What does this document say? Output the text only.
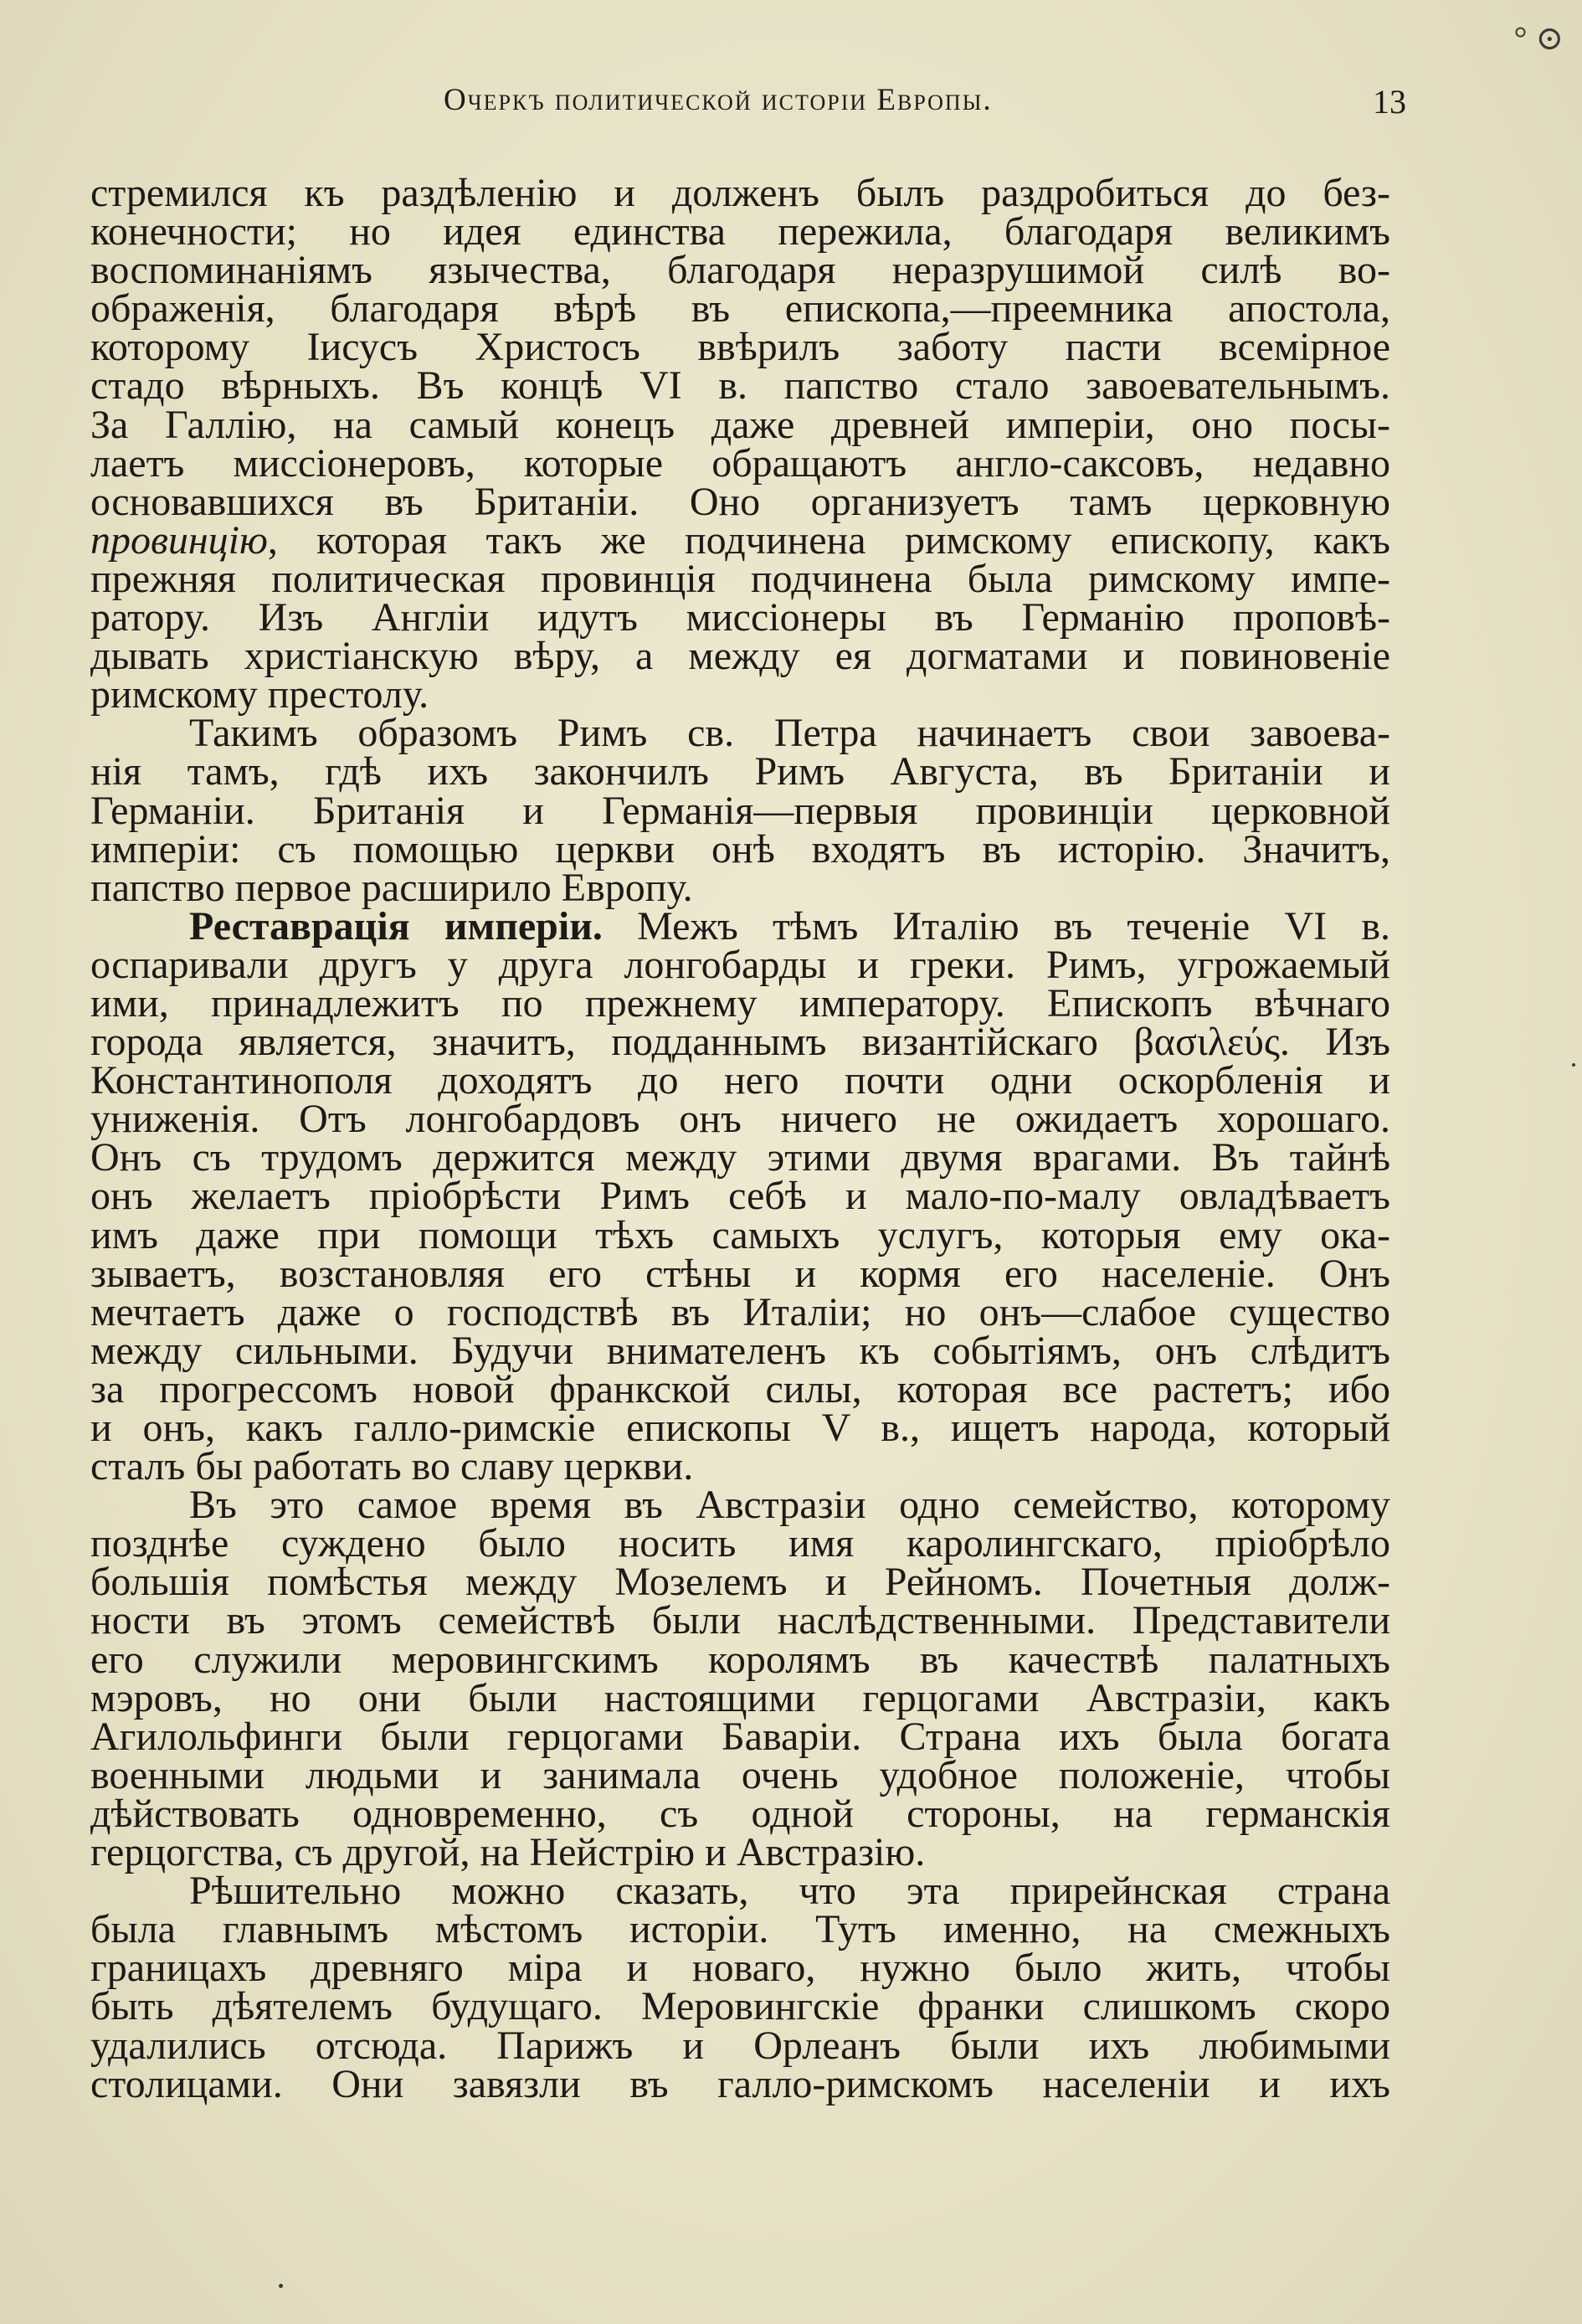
° ⊙
Очеркъ политической исторіи Европы.	13
стремился къ раздѣленію и долженъ былъ раздробиться до без-
конечности; но идея единства пережила, благодаря великимъ
воспоминаніямъ язычества, благодаря неразрушимой силѣ во-
ображенія, благодаря вѣрѣ въ епископа,—преемника апостола,
которому Іисусъ Христосъ ввѣрилъ заботу пасти всемірное
стадо вѣрныхъ. Въ концѣ VI в. папство стало завоевательнымъ.
За Галлію, на самый конецъ даже древней имперіи, оно посы-
лаетъ миссіонеровъ, которые обращаютъ англо-саксовъ, недавно
основавшихся въ Британіи. Оно организуетъ тамъ церковную
провинцію, которая такъ же подчинена римскому епископу, какъ
прежняя политическая провинція подчинена была римскому импе-
ратору. Изъ Англіи идутъ миссіонеры въ Германію проповѣ-
дывать христіанскую вѣру, а между ея догматами и повиновеніе
римскому престолу.
Такимъ образомъ Римъ св. Петра начинаетъ свои завоева-
нія тамъ, гдѣ ихъ закончилъ Римъ Августа, въ Британіи и
Германіи. Британія и Германія—первыя провинціи церковной
имперіи: съ помощью церкви онѣ входятъ въ исторію. Значитъ,
папство первое расширило Европу.
Реставрація имперіи. Межъ тѣмъ Италію въ теченіе VI в.
оспаривали другъ у друга лонгобарды и греки. Римъ, угрожаемый
ими, принадлежитъ по прежнему императору. Епископъ вѣчнаго
города является, значитъ, подданнымъ византійскаго βασιλεύς. Изъ
Константинополя доходятъ до него почти одни оскорбленія и
униженія. Отъ лонгобардовъ онъ ничего не ожидаетъ хорошаго.
Онъ съ трудомъ держится между этими двумя врагами. Въ тайнѣ
онъ желаетъ пріобрѣсти Римъ себѣ и мало-по-малу овладѣваетъ
имъ даже при помощи тѣхъ самыхъ услугъ, которыя ему ока-
зываетъ, возстановляя его стѣны и кормя его населеніе. Онъ
мечтаетъ даже о господствѣ въ Италіи; но онъ—слабое существо
между сильными. Будучи внимателенъ къ событіямъ, онъ слѣдитъ
за прогрессомъ новой франкской силы, которая все растетъ; ибо
и онъ, какъ галло-римскіе епископы V в., ищетъ народа, который
сталъ бы работать во славу церкви.
Въ это самое время въ Австразіи одно семейство, которому
позднѣе суждено было носить имя каролингскаго, пріобрѣло
большія помѣстья между Мозелемъ и Рейномъ. Почетныя долж-
ности въ этомъ семействѣ были наслѣдственными. Представители
его служили меровингскимъ королямъ въ качествѣ палатныхъ
мэровъ, но они были настоящими герцогами Австразіи, какъ
Агилольфинги были герцогами Баваріи. Страна ихъ была богата
военными людьми и занимала очень удобное положеніе, чтобы
дѣйствовать одновременно, съ одной стороны, на германскія
герцогства, съ другой, на Нейстрію и Австразію.
Рѣшительно можно сказать, что эта прирейнская страна
была главнымъ мѣстомъ исторіи. Тутъ именно, на смежныхъ
границахъ древняго міра и новаго, нужно было жить, чтобы
быть дѣятелемъ будущаго. Меровингскіе франки слишкомъ скоро
удалились отсюда. Парижъ и Орлеанъ были ихъ любимыми
столицами. Они завязли въ галло-римскомъ населеніи и ихъ
